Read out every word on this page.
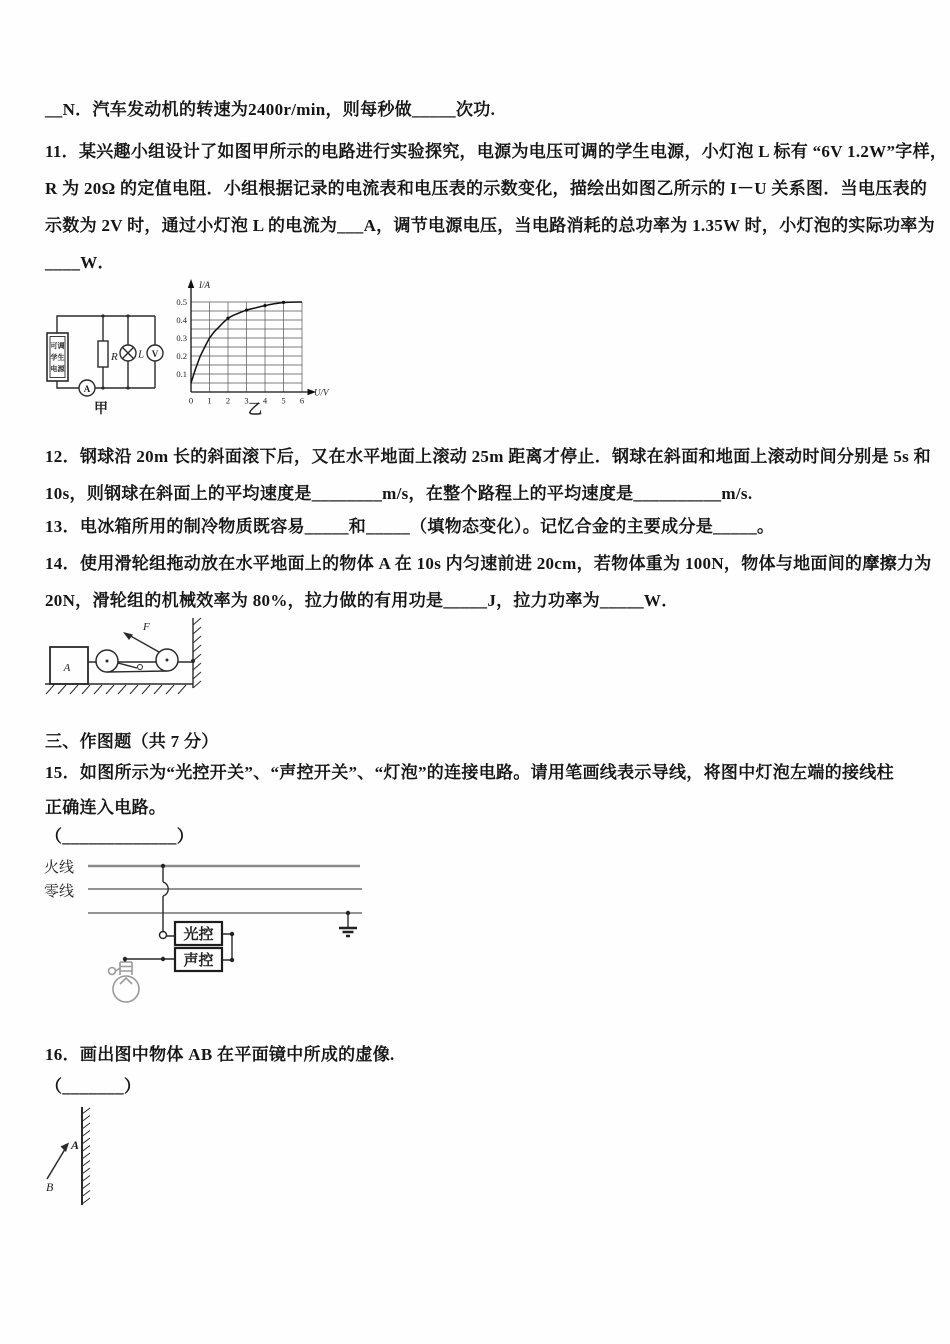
__N．汽车发动机的转速为2400r/min，则每秒做_____次功.
11．某兴趣小组设计了如图甲所示的电路进行实验探究，电源为电压可调的学生电源，小灯泡 L 标有 “6V 1.2W”字样，
R 为 20Ω 的定值电阻．小组根据记录的电流表和电压表的示数变化，描绘出如图乙所示的 I－U 关系图．当电压表的
示数为 2V 时，通过小灯泡 L 的电流为___A，调节电源电压，当电路消耗的总功率为 1.35W 时，小灯泡的实际功率为
____W．
可调
学生
电源
R L V
A
甲
I/A
U/V
0.1
0.2
0.3
0.4
0.5
0 1 2 3 4 5 6
乙
12．钢球沿 20m 长的斜面滚下后，又在水平地面上滚动 25m 距离才停止．钢球在斜面和地面上滚动时间分别是 5s 和
10s，则钢球在斜面上的平均速度是________m/s，在整个路程上的平均速度是__________m/s.
13．电冰箱所用的制冷物质既容易_____和_____（填物态变化）。记忆合金的主要成分是_____。
14．使用滑轮组拖动放在水平地面上的物体 A 在 10s 内匀速前进 20cm，若物体重为 100N，物体与地面间的摩擦力为
20N，滑轮组的机械效率为 80%，拉力做的有用功是_____J，拉力功率为_____W．
A
F
三、作图题（共 7 分）
15．如图所示为“光控开关”、“声控开关”、“灯泡”的连接电路。请用笔画线表示导线，将图中灯泡左端的接线柱
正确连入电路。
（_____________）
火线
零线
光控
声控
16．画出图中物体 AB 在平面镜中所成的虚像.
（_______）
A
B
